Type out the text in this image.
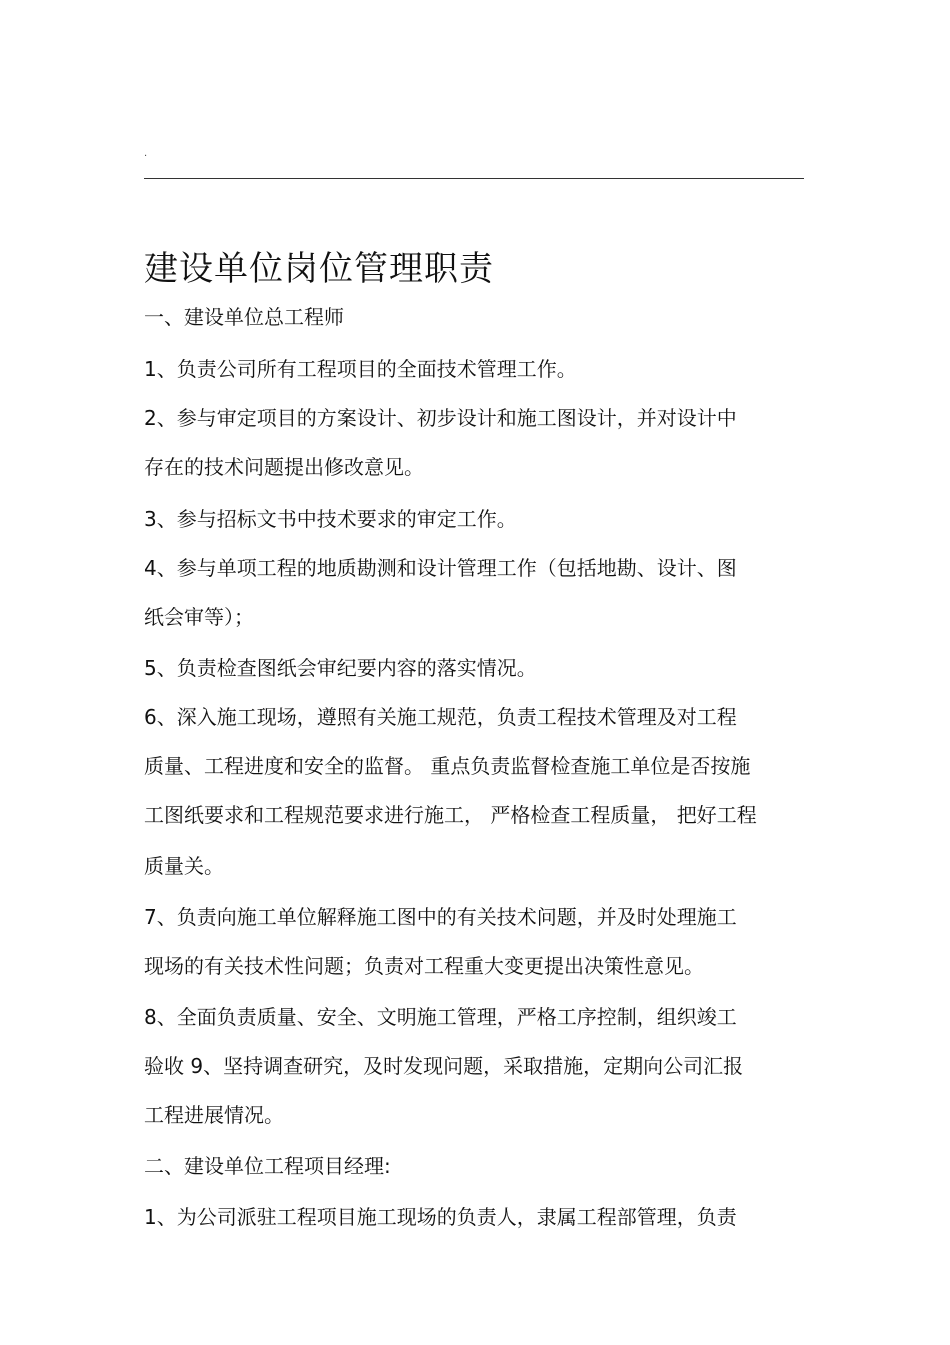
.
建设单位岗位管理职责

一、建设单位总工程师

1、负责公司所有工程项目的全面技术管理工作。

2、参与审定项目的方案设计、初步设计和施工图设计，并对设计中

存在的技术问题提出修改意见。

3、参与招标文书中技术要求的审定工作。

4、参与单项工程的地质勘测和设计管理工作（包括地勘、设计、图

纸会审等）；

5、负责检查图纸会审纪要内容的落实情况。

6、深入施工现场，遵照有关施工规范，负责工程技术管理及对工程

质量、工程进度和安全的监督。 重点负责监督检查施工单位是否按施

工图纸要求和工程规范要求进行施工， 严格检查工程质量， 把好工程

质量关。

7、负责向施工单位解释施工图中的有关技术问题，并及时处理施工

现场的有关技术性问题；负责对工程重大变更提出决策性意见。

8、全面负责质量、安全、文明施工管理，严格工序控制，组织竣工

验收 9、坚持调查研究，及时发现问题，采取措施，定期向公司汇报

工程进展情况。

二、建设单位工程项目经理:

1、为公司派驻工程项目施工现场的负责人，隶属工程部管理，负责
